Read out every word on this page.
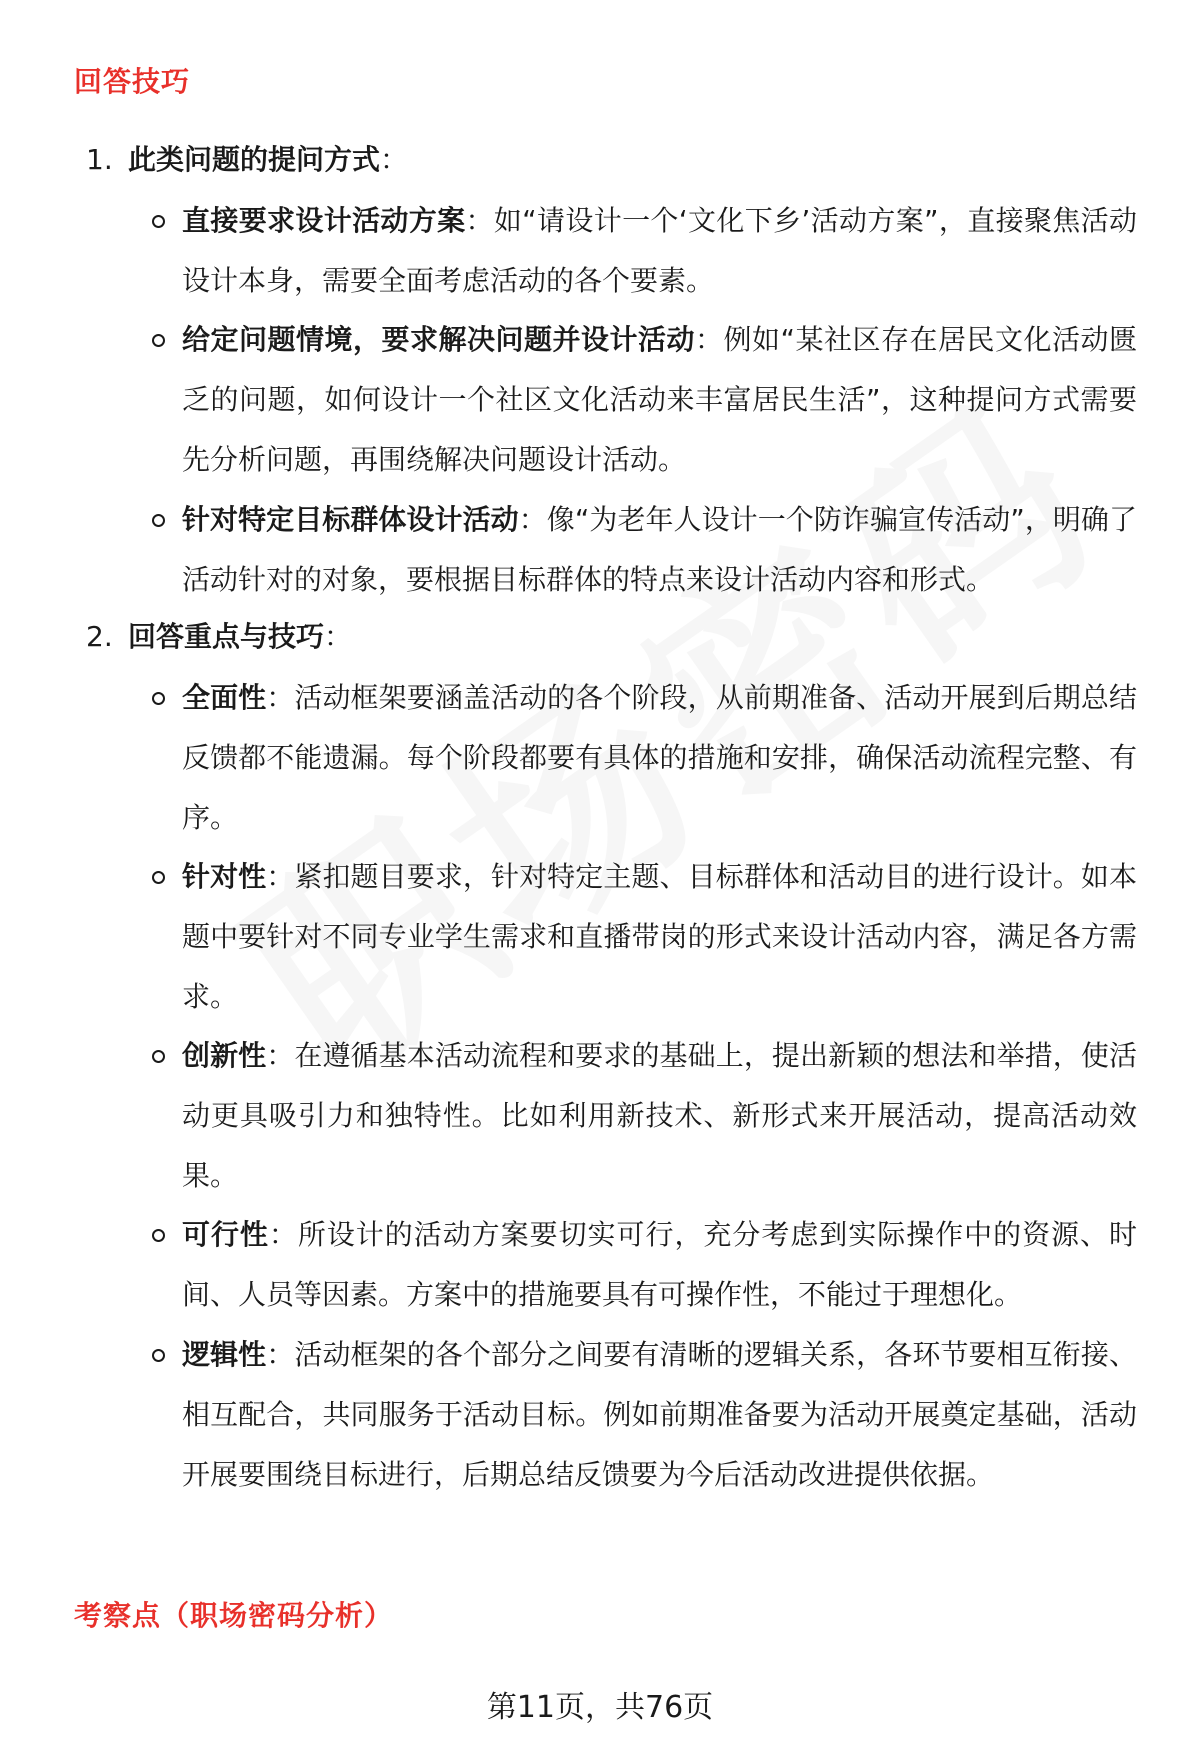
回答技巧
1. 此类问题的提问方式：
直接要求设计活动方案：如“请设计一个‘文化下乡’活动方案”，直接聚焦活动设计本身，需要全面考虑活动的各个要素。
给定问题情境，要求解决问题并设计活动：例如“某社区存在居民文化活动匮乏的问题，如何设计一个社区文化活动来丰富居民生活”，这种提问方式需要先分析问题，再围绕解决问题设计活动。
针对特定目标群体设计活动：像“为老年人设计一个防诈骗宣传活动”，明确了活动针对的对象，要根据目标群体的特点来设计活动内容和形式。
2. 回答重点与技巧：
全面性：活动框架要涵盖活动的各个阶段，从前期准备、活动开展到后期总结反馈都不能遗漏。每个阶段都要有具体的措施和安排，确保活动流程完整、有序。
针对性：紧扣题目要求，针对特定主题、目标群体和活动目的进行设计。如本题中要针对不同专业学生需求和直播带岗的形式来设计活动内容，满足各方需求。
创新性：在遵循基本活动流程和要求的基础上，提出新颖的想法和举措，使活动更具吸引力和独特性。比如利用新技术、新形式来开展活动，提高活动效果。
可行性：所设计的活动方案要切实可行，充分考虑到实际操作中的资源、时间、人员等因素。方案中的措施要具有可操作性，不能过于理想化。
逻辑性：活动框架的各个部分之间要有清晰的逻辑关系，各环节要相互衔接、相互配合，共同服务于活动目标。例如前期准备要为活动开展奠定基础，活动开展要围绕目标进行，后期总结反馈要为今后活动改进提供依据。
考察点（职场密码分析）
第11页，共76页
